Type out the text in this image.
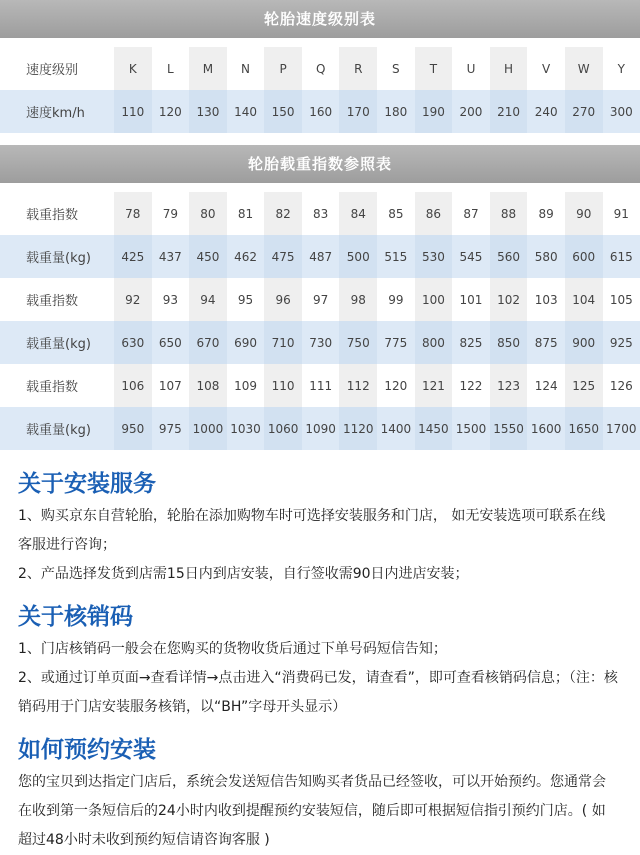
轮胎速度级别表
速度级别	K	L	M	N	P	Q	R	S	T	U	H	V	W	Y
速度km/h	110	120	130	140	150	160	170	180	190	200	210	240	270	300
轮胎载重指数参照表
载重指数	78	79	80	81	82	83	84	85	86	87	88	89	90	91
载重量(kg)	425	437	450	462	475	487	500	515	530	545	560	580	600	615
载重指数	92	93	94	95	96	97	98	99	100	101	102	103	104	105
载重量(kg)	630	650	670	690	710	730	750	775	800	825	850	875	900	925
载重指数	106	107	108	109	110	111	112	120	121	122	123	124	125	126
载重量(kg)	950	975 1000 1030 1060 1090 1120 1400 1450 1500 1550 1600 1650 1700
关于安装服务

1、购买京东自营轮胎，轮胎在添加购物车时可选择安装服务和门店， 如无安装选项可联系在线客服进行咨询；

2、产品选择发货到店需15日内到店安装，自行签收需90日内进店安装；

关于核销码

1、门店核销码一般会在您购买的货物收货后通过下单号码短信告知；

2、或通过订单页面→查看详情→点击进入“消费码已发，请查看”，即可查看核销码信息；（注：核销码用于门店安装服务核销，以“BH”字母开头显示）

如何预约安装

您的宝贝到达指定门店后，系统会发送短信告知购买者货品已经签收，可以开始预约。您通常会在收到第一条短信后的24小时内收到提醒预约安装短信，随后即可根据短信指引预约门店。( 如超过48小时未收到预约短信请咨询客服 )
